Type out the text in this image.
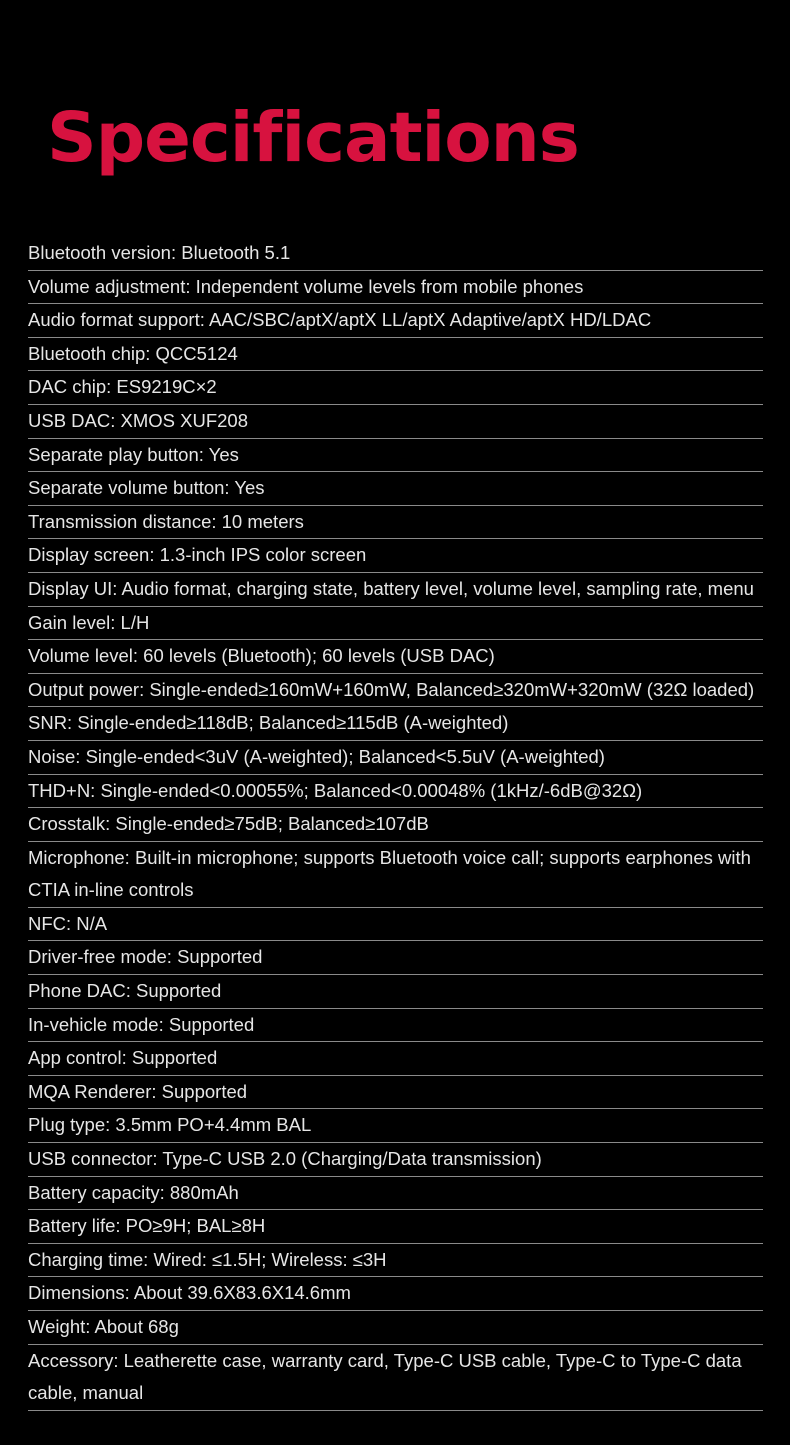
Specifications
Bluetooth version: Bluetooth 5.1
Volume adjustment: Independent volume levels from mobile phones
Audio format support: AAC/SBC/aptX/aptX LL/aptX Adaptive/aptX HD/LDAC
Bluetooth chip: QCC5124
DAC chip: ES9219C×2
USB DAC: XMOS XUF208
Separate play button: Yes
Separate volume button: Yes
Transmission distance: 10 meters
Display screen: 1.3-inch IPS color screen
Display UI: Audio format, charging state, battery level, volume level, sampling rate, menu
Gain level: L/H
Volume level: 60 levels (Bluetooth); 60 levels (USB DAC)
Output power: Single-ended≥160mW+160mW, Balanced≥320mW+320mW (32Ω loaded)
SNR: Single-ended≥118dB; Balanced≥115dB (A-weighted)
Noise: Single-ended<3uV (A-weighted); Balanced<5.5uV (A-weighted)
THD+N: Single-ended<0.00055%; Balanced<0.00048% (1kHz/-6dB@32Ω)
Crosstalk: Single-ended≥75dB; Balanced≥107dB
Microphone: Built-in microphone; supports Bluetooth voice call; supports earphones with CTIA in-line controls
NFC: N/A
Driver-free mode: Supported
Phone DAC: Supported
In-vehicle mode: Supported
App control: Supported
MQA Renderer: Supported
Plug type: 3.5mm PO+4.4mm BAL
USB connector: Type-C USB 2.0 (Charging/Data transmission)
Battery capacity: 880mAh
Battery life: PO≥9H; BAL≥8H
Charging time: Wired: ≤1.5H; Wireless: ≤3H
Dimensions: About 39.6X83.6X14.6mm
Weight: About 68g
Accessory: Leatherette case, warranty card, Type-C USB cable, Type-C to Type-C data cable, manual
